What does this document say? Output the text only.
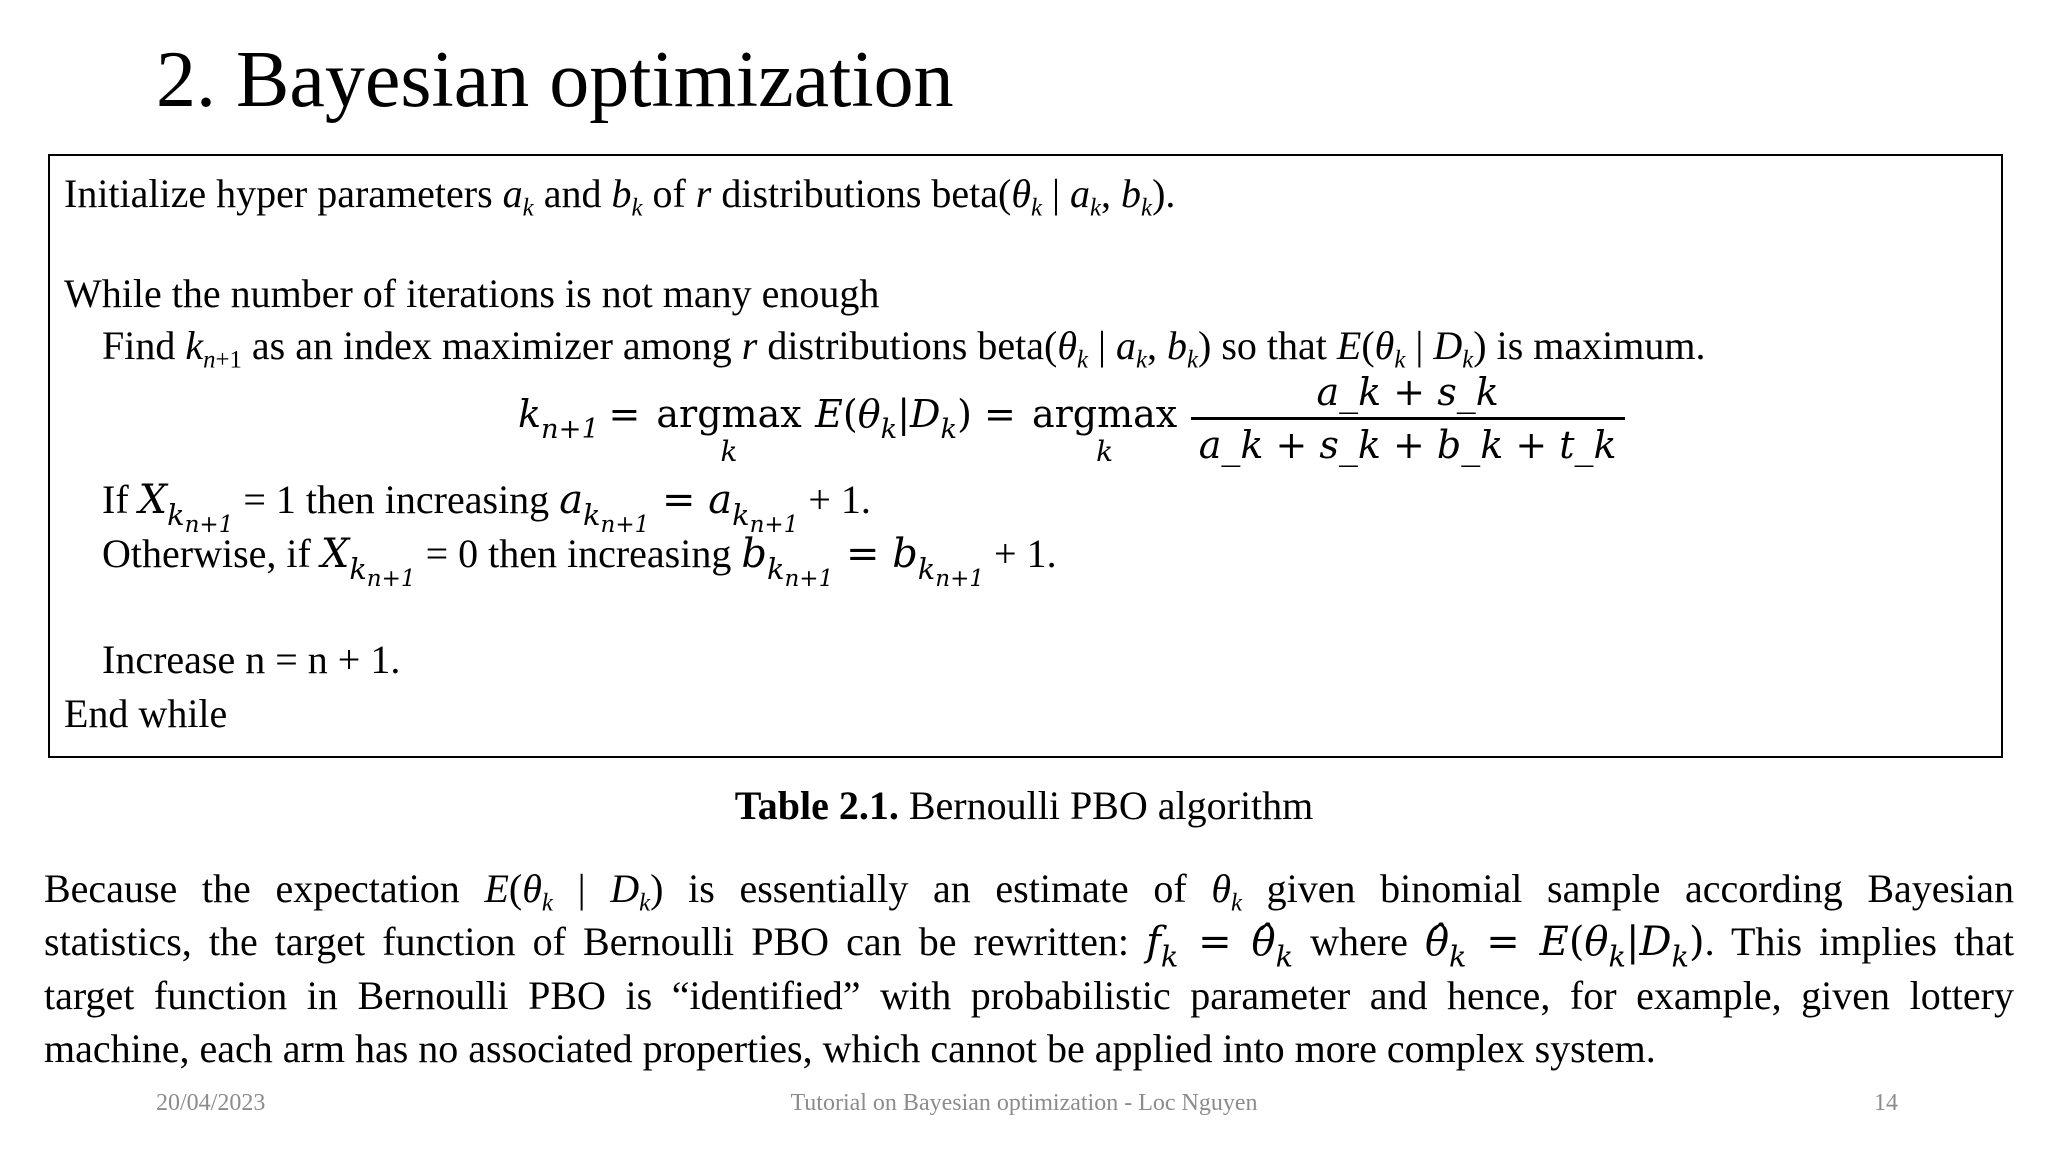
2. Bayesian optimization
Initialize hyper parameters $a_k$ and $b_k$ of r distributions $beta(\theta_k$ | $a_k$, $b_k$).
While the number of iterations is not many enough
Find $k_{n+1}$ as an index maximizer among r distributions $beta(\theta_k$ | $a_k$, $b_k$) so that $E(\theta_k$ | $D_k$) is maximum.
$k_{n+1} = argmax$
k
$E(\theta_k|D_k) = argmax$
k
	$\frac{a\_k + s\_k}{a\_k + s\_k + b\_k + t\_k}$
If $X_{k_{n+1}} = 1$ then increasing $a_{k_{n+1}} = a_{k_{n+1}} + 1$.
Otherwise, if $X_{k_{n+1}} = 0$ then increasing $b_{k_{n+1}} = b_{k_{n+1}} + 1$.
Increase n = n + 1.
End while
Table 2.1. Bernoulli PBO algorithm
Because the expectation $E(\theta_k$ | $D_k$) is essentially an estimate of $\theta_k$ given binomial sample according Bayesian
statistics, the target function of Bernoulli PBO can be rewritten: $f_k$ = $\thetâ_k$ where $\thetâ_k = E(\theta_k|D_k)$. This implies that
target function in Bernoulli PBO is “identified” with probabilistic parameter and hence, for example, given lottery
machine, each arm has no associated properties, which cannot be applied into more complex system.
20/04/2023	Tutorial on Bayesian optimization - Loc Nguyen	14
